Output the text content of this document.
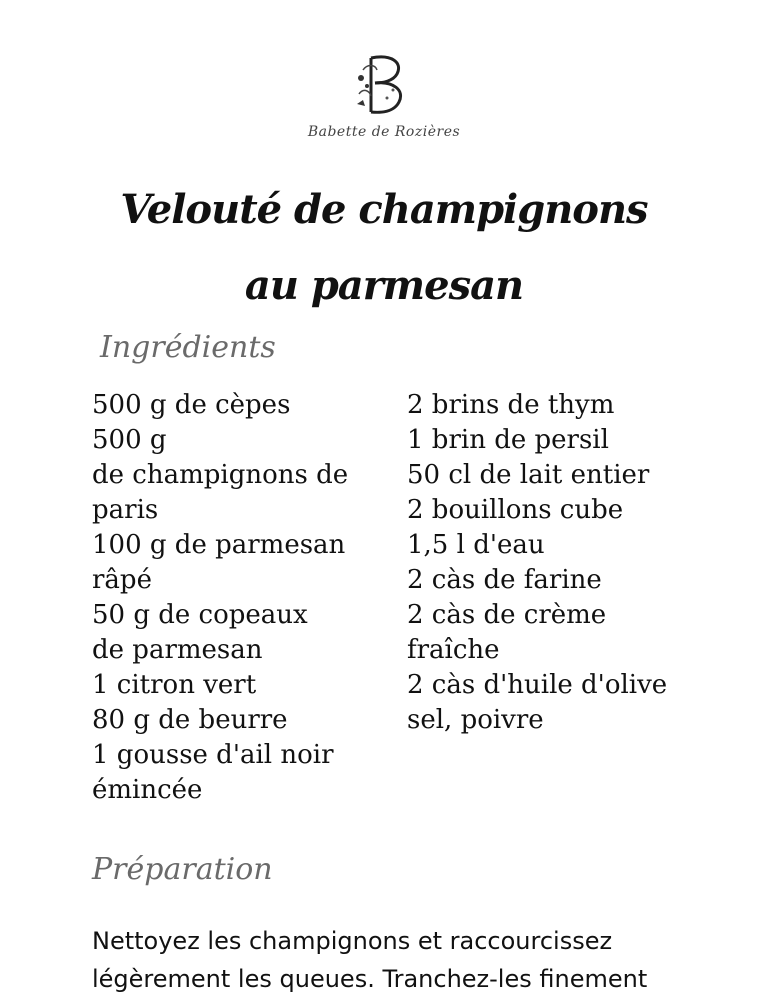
Babette de Rozières
Velouté de champignons
au parmesan
Ingrédients
500 g de cèpes
500 g
de champignons de
paris
100 g de parmesan
râpé
50 g de copeaux
de parmesan
1 citron vert
80 g de beurre
1 gousse d'ail noir
émincée
2 brins de thym
1 brin de persil
50 cl de lait entier
2 bouillons cube
1,5 l d'eau
2 càs de farine
2 càs de crème
fraîche
2 càs d'huile d'olive
sel, poivre
Préparation
Nettoyez les champignons et raccourcissez
légèrement les queues. Tranchez-les finement
